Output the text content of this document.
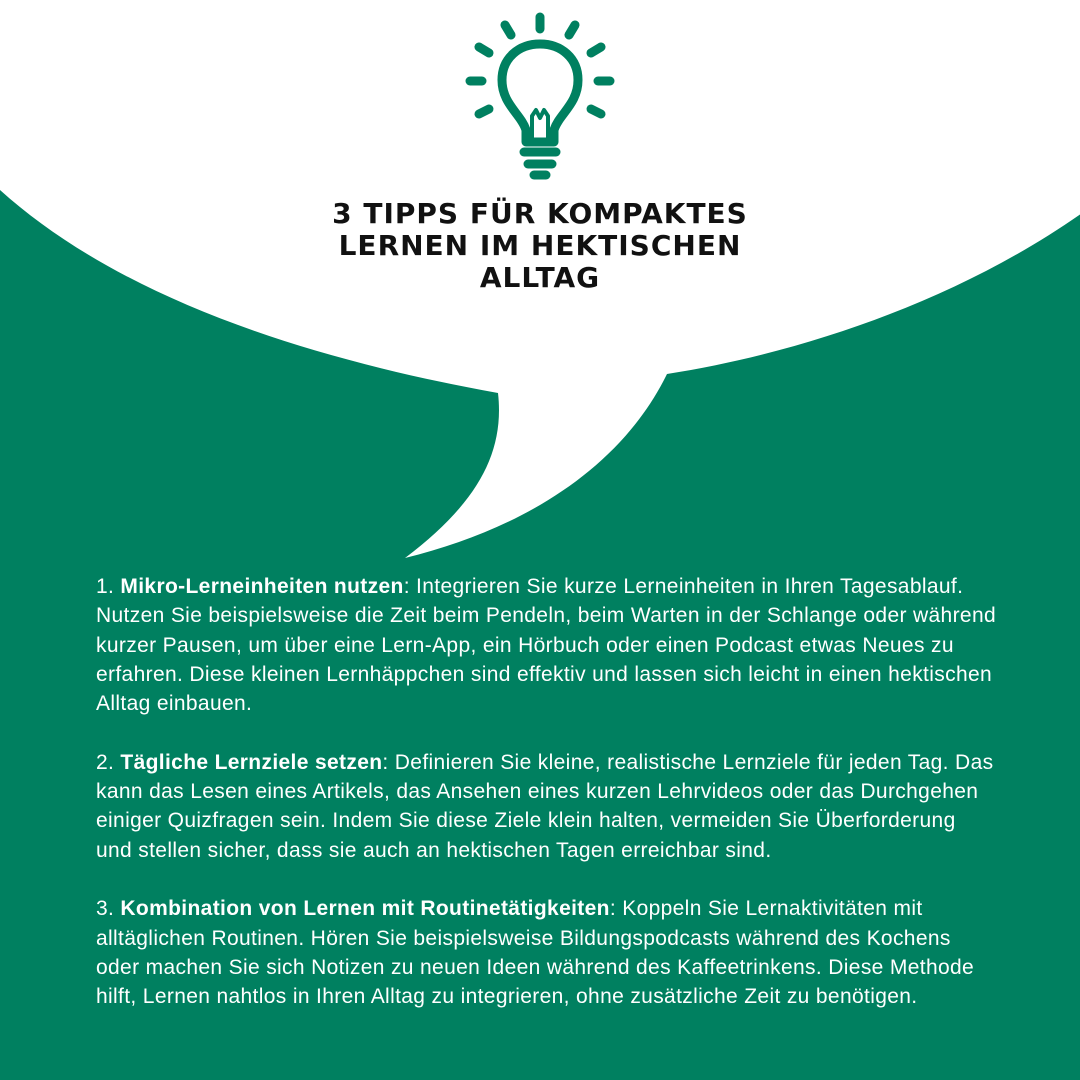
3 TIPPS FÜR KOMPAKTES LERNEN IM HEKTISCHEN ALLTAG

1. Mikro-Lerneinheiten nutzen: Integrieren Sie kurze Lerneinheiten in Ihren Tagesablauf. Nutzen Sie beispielsweise die Zeit beim Pendeln, beim Warten in der Schlange oder während kurzer Pausen, um über eine Lern-App, ein Hörbuch oder einen Podcast etwas Neues zu erfahren. Diese kleinen Lernhäppchen sind effektiv und lassen sich leicht in einen hektischen Alltag einbauen.

2. Tägliche Lernziele setzen: Definieren Sie kleine, realistische Lernziele für jeden Tag. Das kann das Lesen eines Artikels, das Ansehen eines kurzen Lehrvideos oder das Durchgehen einiger Quizfragen sein. Indem Sie diese Ziele klein halten, vermeiden Sie Überforderung und stellen sicher, dass sie auch an hektischen Tagen erreichbar sind.

3. Kombination von Lernen mit Routinetätigkeiten: Koppeln Sie Lernaktivitäten mit alltäglichen Routinen. Hören Sie beispielsweise Bildungspodcasts während des Kochens oder machen Sie sich Notizen zu neuen Ideen während des Kaffeetrinkens. Diese Methode hilft, Lernen nahtlos in Ihren Alltag zu integrieren, ohne zusätzliche Zeit zu benötigen.
